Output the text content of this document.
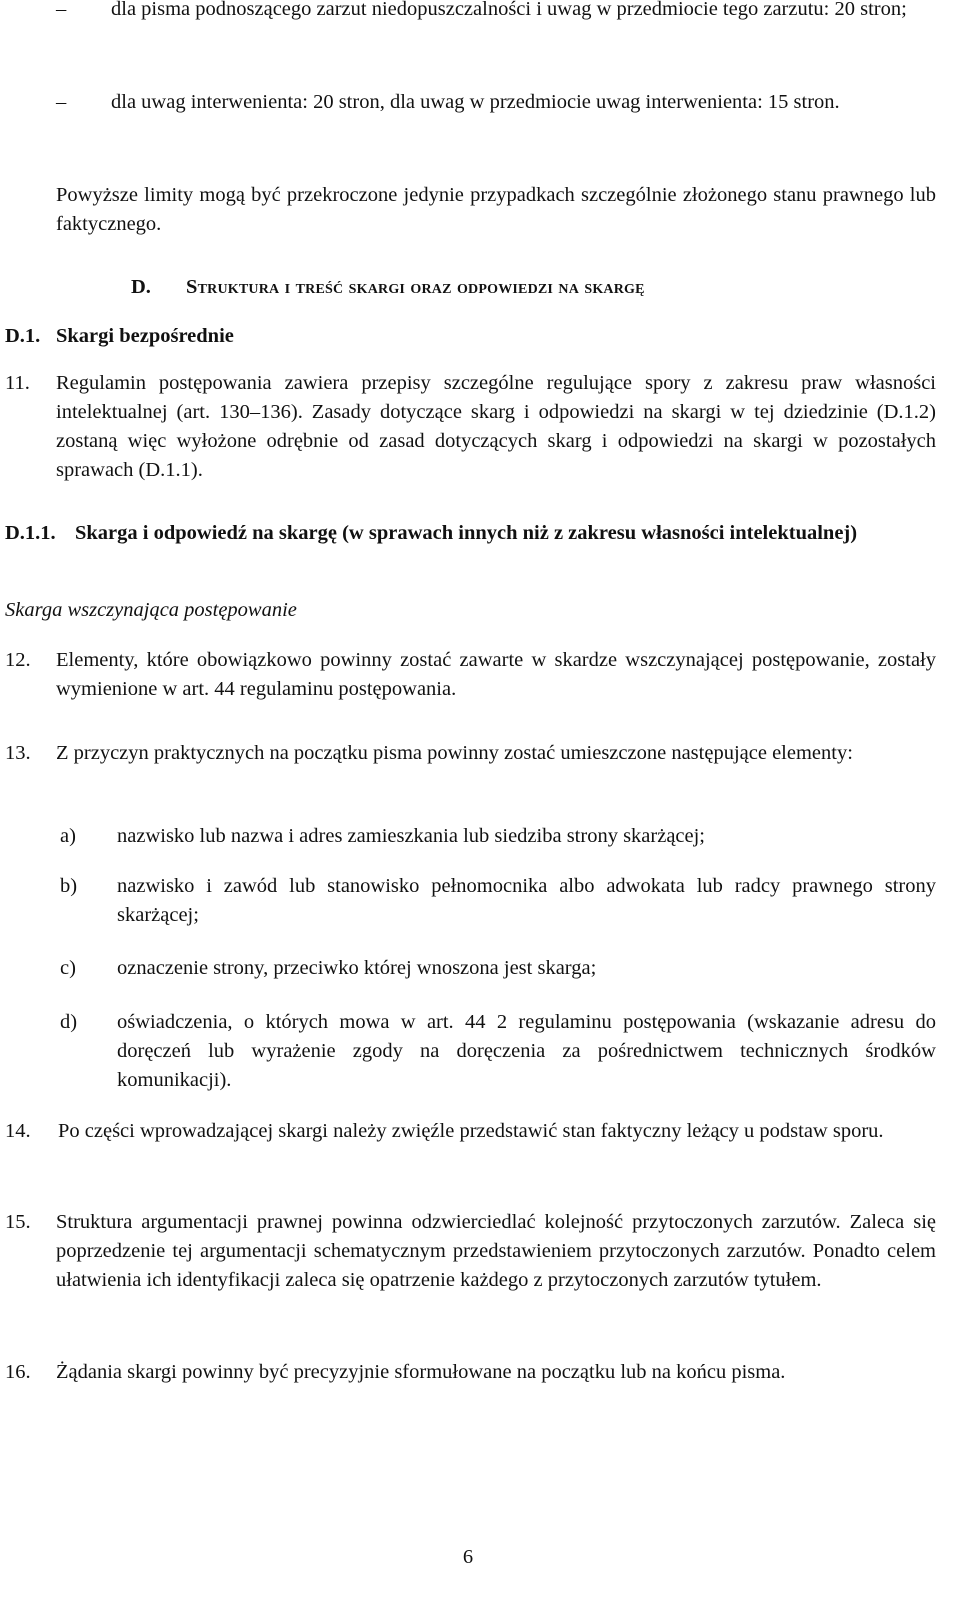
–	dla pisma podnoszącego zarzut niedopuszczalności i uwag w przedmiocie tego zarzutu: 20 stron;

–	dla uwag interwenienta: 20 stron, dla uwag w przedmiocie uwag interwenienta: 15 stron.

Powyższe limity mogą być przekroczone jedynie przypadkach szczególnie złożonego stanu prawnego lub faktycznego.

D. Struktura i treść skargi oraz odpowiedzi na skargę
D.1. Skargi bezpośrednie
11. Regulamin postępowania zawiera przepisy szczególne regulujące spory z zakresu praw własności intelektualnej (art. 130–136). Zasady dotyczące skarg i odpowiedzi na skargi w tej dziedzinie (D.1.2) zostaną więc wyłożone odrębnie od zasad dotyczących skarg i odpowiedzi na skargi w pozostałych sprawach (D.1.1).

D.1.1. Skarga i odpowiedź na skargę (w sprawach innych niż z zakresu własności intelektualnej)

Skarga wszczynająca postępowanie

12. Elementy, które obowiązkowo powinny zostać zawarte w skardze wszczynającej postępowanie, zostały wymienione w art. 44 regulaminu postępowania.

13. Z przyczyn praktycznych na początku pisma powinny zostać umieszczone następujące elementy:

a) nazwisko lub nazwa i adres zamieszkania lub siedziba strony skarżącej;

b) nazwisko i zawód lub stanowisko pełnomocnika albo adwokata lub radcy prawnego strony skarżącej;

c) oznaczenie strony, przeciwko której wnoszona jest skarga;

d) oświadczenia, o których mowa w art. 44 2 regulaminu postępowania (wskazanie adresu do doręczeń lub wyrażenie zgody na doręczenia za pośrednictwem technicznych środków komunikacji).

14. Po części wprowadzającej skargi należy zwięźle przedstawić stan faktyczny leżący u podstaw sporu.

15. Struktura argumentacji prawnej powinna odzwierciedlać kolejność przytoczonych zarzutów. Zaleca się poprzedzenie tej argumentacji schematycznym przedstawieniem przytoczonych zarzutów. Ponadto celem ułatwienia ich identyfikacji zaleca się opatrzenie każdego z przytoczonych zarzutów tytułem.

16. Żądania skargi powinny być precyzyjnie sformułowane na początku lub na końcu pisma.

6
